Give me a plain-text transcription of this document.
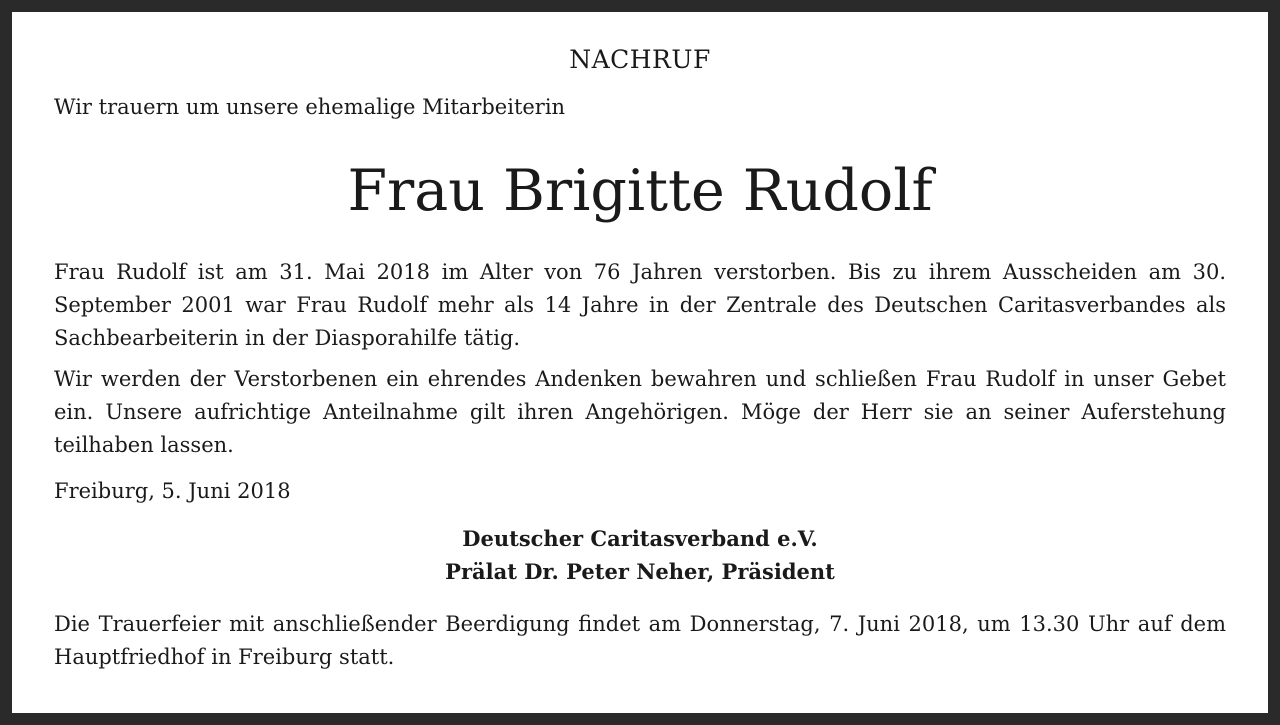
NACHRUF

Wir trauern um unsere ehemalige Mitarbeiterin

Frau Brigitte Rudolf

Frau Rudolf ist am 31. Mai 2018 im Alter von 76 Jahren verstorben. Bis zu ihrem Ausscheiden am 30. September 2001 war Frau Rudolf mehr als 14 Jahre in der Zentrale des Deutschen Caritasverbandes als Sachbearbeiterin in der Diasporahilfe tätig.

Wir werden der Verstorbenen ein ehrendes Andenken bewahren und schließen Frau Rudolf in unser Gebet ein. Unsere aufrichtige Anteilnahme gilt ihren Angehörigen. Möge der Herr sie an seiner Auferstehung teilhaben lassen.

Freiburg, 5. Juni 2018

Deutscher Caritasverband e.V.

Prälat Dr. Peter Neher, Präsident

Die Trauerfeier mit anschließender Beerdigung findet am Donnerstag, 7. Juni 2018, um 13.30 Uhr auf dem Hauptfriedhof in Freiburg statt.
